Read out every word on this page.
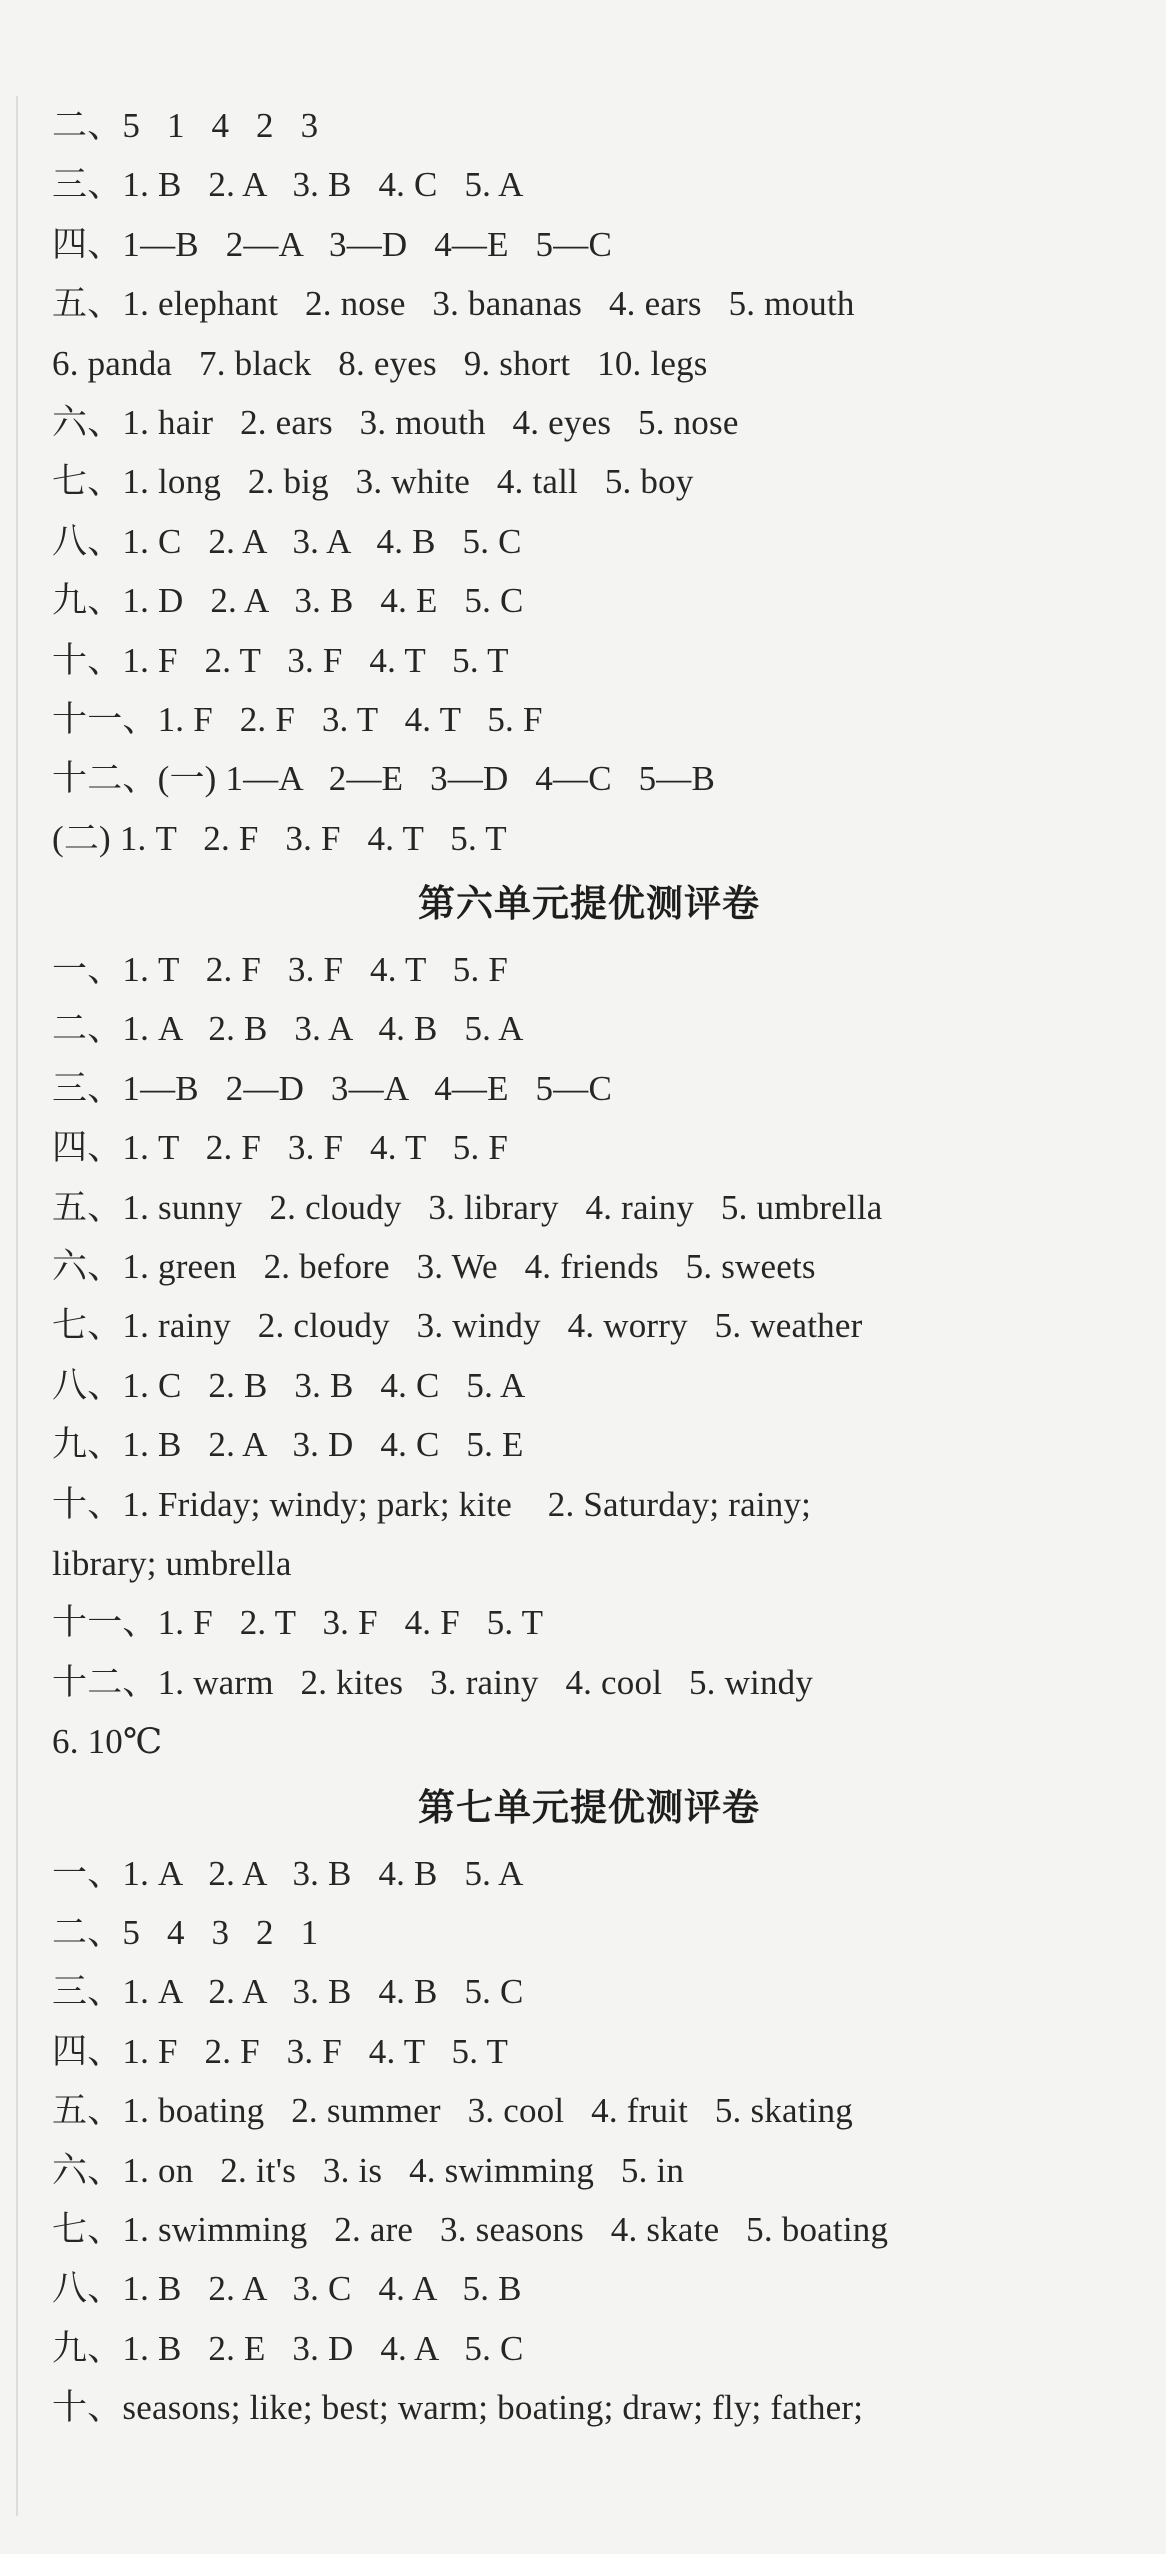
二、5   1   4   2   3
三、1. B   2. A   3. B   4. C   5. A
四、1—B   2—A   3—D   4—E   5—C
五、1. elephant   2. nose   3. bananas   4. ears   5. mouth
6. panda   7. black   8. eyes   9. short   10. legs
六、1. hair   2. ears   3. mouth   4. eyes   5. nose
七、1. long   2. big   3. white   4. tall   5. boy
八、1. C   2. A   3. A   4. B   5. C
九、1. D   2. A   3. B   4. E   5. C
十、1. F   2. T   3. F   4. T   5. T
十一、1. F   2. F   3. T   4. T   5. F
十二、(一) 1—A   2—E   3—D   4—C   5—B
(二) 1. T   2. F   3. F   4. T   5. T
第六单元提优测评卷
一、1. T   2. F   3. F   4. T   5. F
二、1. A   2. B   3. A   4. B   5. A
三、1—B   2—D   3—A   4—E   5—C
四、1. T   2. F   3. F   4. T   5. F
五、1. sunny   2. cloudy   3. library   4. rainy   5. umbrella
六、1. green   2. before   3. We   4. friends   5. sweets
七、1. rainy   2. cloudy   3. windy   4. worry   5. weather
八、1. C   2. B   3. B   4. C   5. A
九、1. B   2. A   3. D   4. C   5. E
十、1. Friday; windy; park; kite    2. Saturday; rainy;
library; umbrella
十一、1. F   2. T   3. F   4. F   5. T
十二、1. warm   2. kites   3. rainy   4. cool   5. windy
6. 10℃
第七单元提优测评卷
一、1. A   2. A   3. B   4. B   5. A
二、5   4   3   2   1
三、1. A   2. A   3. B   4. B   5. C
四、1. F   2. F   3. F   4. T   5. T
五、1. boating   2. summer   3. cool   4. fruit   5. skating
六、1. on   2. it's   3. is   4. swimming   5. in
七、1. swimming   2. are   3. seasons   4. skate   5. boating
八、1. B   2. A   3. C   4. A   5. B
九、1. B   2. E   3. D   4. A   5. C
十、seasons; like; best; warm; boating; draw; fly; father;
